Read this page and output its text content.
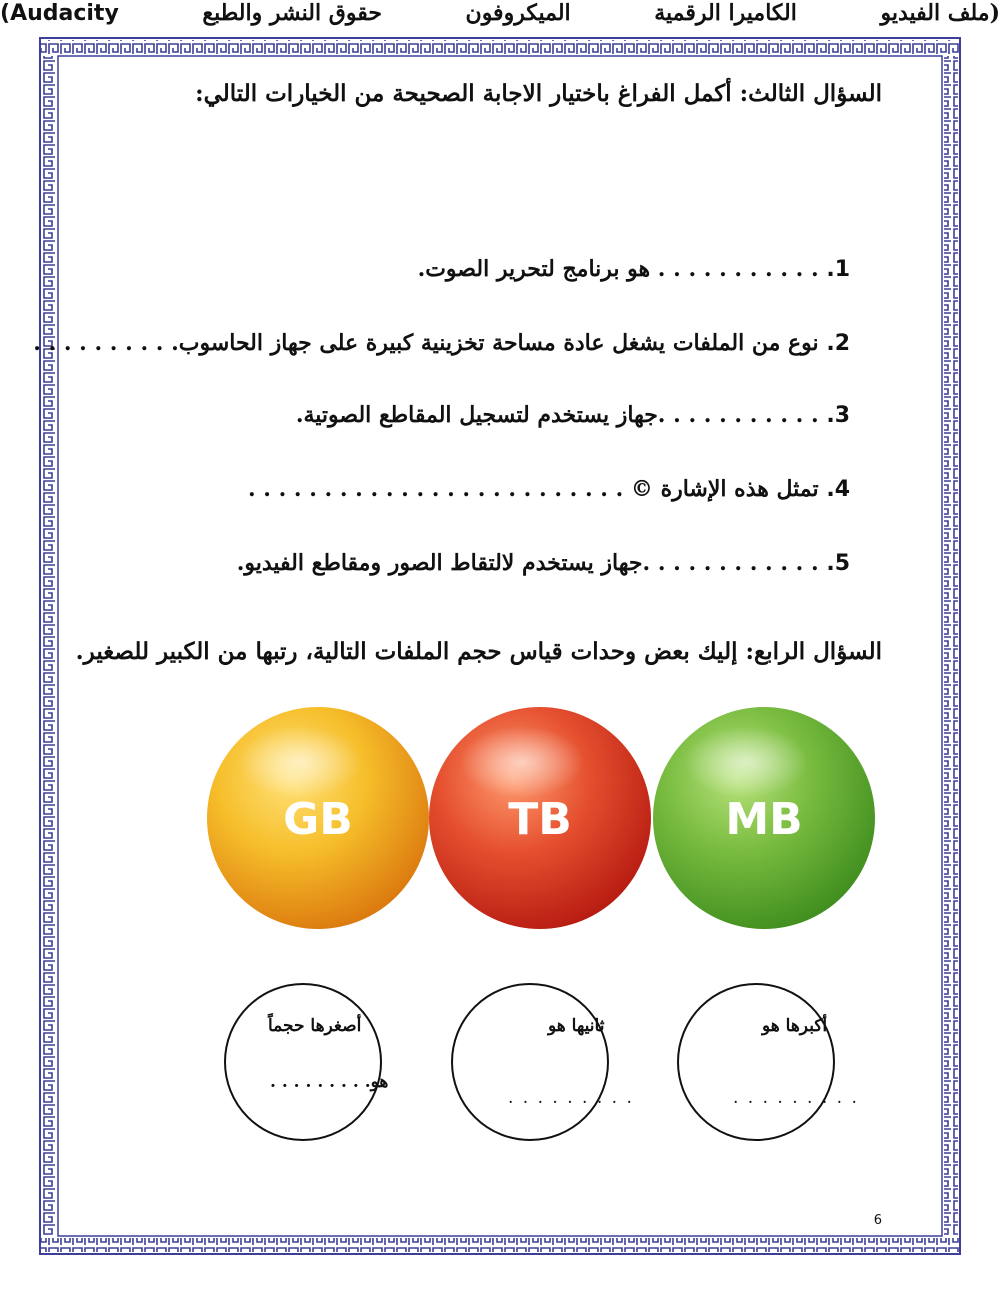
السؤال الثالث: أكمل الفراغ باختيار الاجابة الصحيحة من الخيارات التالي:
(ملف الفيديو
الكاميرا الرقمية
الميكروفون
حقوق النشر والطبع
Audacity)
1. . . . . . . . . . . . هو برنامج لتحرير الصوت.
2. نوع من الملفات يشغل عادة مساحة تخزينية كبيرة على جهاز الحاسوب. . . . . . . . . .
3. . . . . . . . . . . .جهاز يستخدم لتسجيل المقاطع الصوتية.
4. تمثل هذه الإشارة © . . . . . . . . . . . . . . . . . . . . . . . . .
5. . . . . . . . . . . . .جهاز يستخدم لالتقاط الصور ومقاطع الفيديو.
السؤال الرابع: إليك بعض وحدات قياس حجم الملفات التالية، رتبها من الكبير للصغير.
GB	TB	MB
أصغرها حجماً
هو. . . . . . . . .
ثانيها هو
. . . . . . . . .
أكبرها هو
. . . . . . . . .
6
